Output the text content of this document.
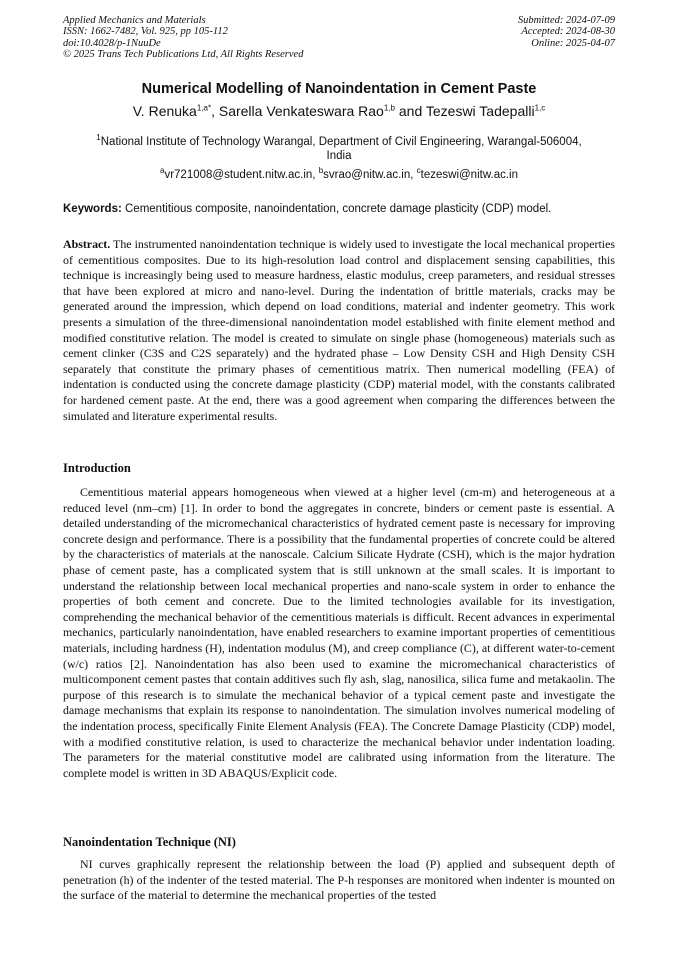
Applied Mechanics and Materials
ISSN: 1662-7482, Vol. 925, pp 105-112
doi:10.4028/p-1NuuDe
© 2025 Trans Tech Publications Ltd, All Rights Reserved
Submitted: 2024-07-09
Accepted: 2024-08-30
Online: 2025-04-07
Numerical Modelling of Nanoindentation in Cement Paste
V. Renuka$^{1,a*}$, Sarella Venkateswara Rao$^{1,b}$ and Tezeswi Tadepalli$^{1,c}$
$^1$National Institute of Technology Warangal, Department of Civil Engineering, Warangal-506004, India
$^a$vr721008@student.nitw.ac.in, $^b$svrao@nitw.ac.in, $^c$tezeswi@nitw.ac.in
Keywords: Cementitious composite, nanoindentation, concrete damage plasticity (CDP) model.
Abstract. The instrumented nanoindentation technique is widely used to investigate the local mechanical properties of cementitious composites. Due to its high-resolution load control and displacement sensing capabilities, this technique is increasingly being used to measure hardness, elastic modulus, creep parameters, and residual stresses that have been explored at micro and nano-level. During the indentation of brittle materials, cracks may be generated around the impression, which depend on load conditions, material and indenter geometry. This work presents a simulation of the three-dimensional nanoindentation model established with finite element method and modified constitutive relation. The model is created to simulate on single phase (homogeneous) materials such as cement clinker (C3S and C2S separately) and the hydrated phase – Low Density CSH and High Density CSH separately that constitute the primary phases of cementitious matrix. Then numerical modelling (FEA) of indentation is conducted using the concrete damage plasticity (CDP) material model, with the constants calibrated for hardened cement paste. At the end, there was a good agreement when comparing the differences between the simulated and literature experimental results.
Introduction
Cementitious material appears homogeneous when viewed at a higher level (cm-m) and heterogeneous at a reduced level (nm–cm) [1]. In order to bond the aggregates in concrete, binders or cement paste is essential. A detailed understanding of the micromechanical characteristics of hydrated cement paste is necessary for improving concrete design and performance. There is a possibility that the fundamental properties of concrete could be altered by the characteristics of materials at the nanoscale. Calcium Silicate Hydrate (CSH), which is the major hydration phase of cement paste, has a complicated system that is still unknown at the small scales. It is important to understand the relationship between local mechanical properties and nano-scale system in order to enhance the properties of both cement and concrete. Due to the limited technologies available for its investigation, comprehending the mechanical behavior of the cementitious materials is difficult. Recent advances in experimental mechanics, particularly nanoindentation, have enabled researchers to examine important properties of cementitious materials, including hardness (H), indentation modulus (M), and creep compliance (C), at different water-to-cement (w/c) ratios [2]. Nanoindentation has also been used to examine the micromechanical characteristics of multicomponent cement pastes that contain additives such fly ash, slag, nanosilica, silica fume and metakaolin. The purpose of this research is to simulate the mechanical behavior of a typical cement paste and investigate the damage mechanisms that explain its response to nanoindentation. The simulation involves numerical modeling of the indentation process, specifically Finite Element Analysis (FEA). The Concrete Damage Plasticity (CDP) model, with a modified constitutive relation, is used to characterize the mechanical behavior under indentation loading. The parameters for the material constitutive model are calibrated using information from the literature. The complete model is written in 3D ABAQUS/Explicit code.
Nanoindentation Technique (NI)
NI curves graphically represent the relationship between the load (P) applied and subsequent depth of penetration (h) of the indenter of the tested material. The P-h responses are monitored when indenter is mounted on the surface of the material to determine the mechanical properties of the tested
